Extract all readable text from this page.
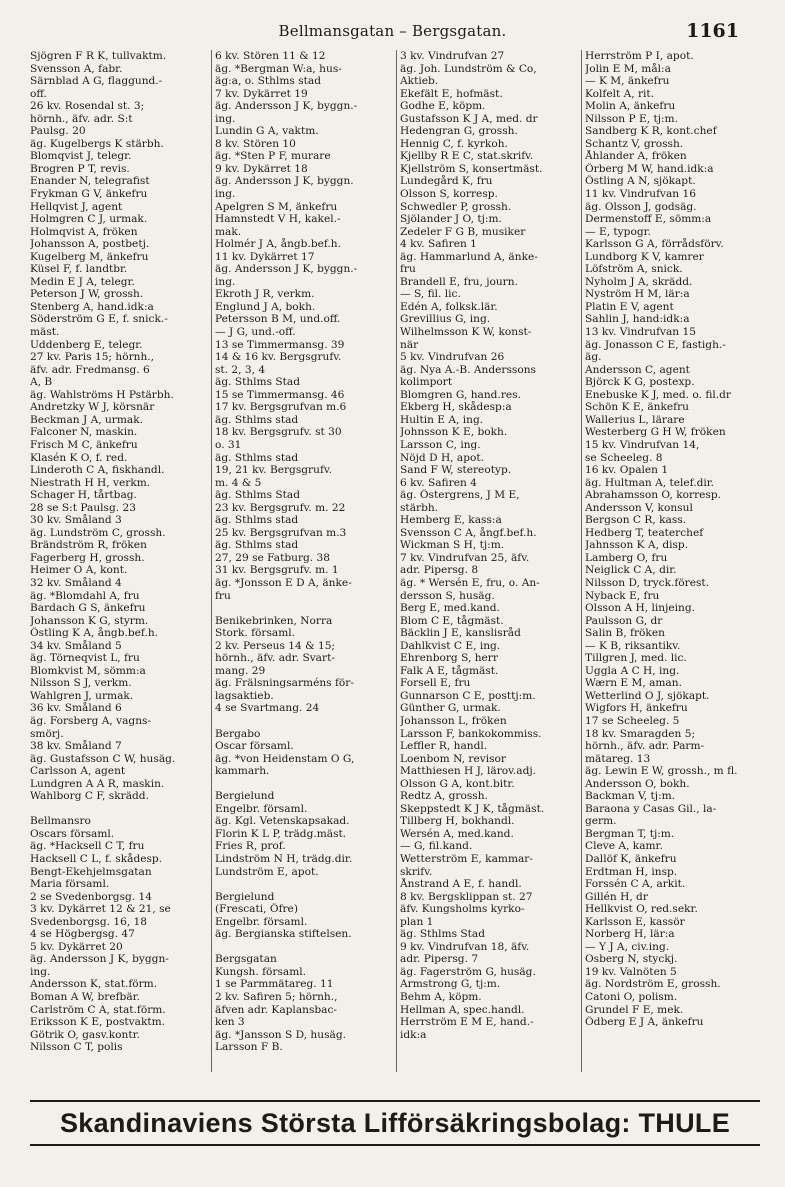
Bellmansgatan – Bergsgatan.	1161
Sjögren F R K, tullvaktm.
Svensson A, fabr.
Särnblad A G, flaggund.-
off.
26 kv. Rosendal st. 3;
hörnh., äfv. adr. S:t
Paulsg. 20
äg. Kugelbergs K stärbh.
Blomqvist J, telegr.
Brogren P T, revis.
Enander N, telegrafist
Frykman G V, änkefru
Hellqvist J, agent
Holmgren C J, urmak.
Holmqvist A, fröken
Johansson A, postbetj.
Kugelberg M, änkefru
Küsel F, f. landtbr.
Medin E J A, telegr.
Peterson J W, grossh.
Stenberg A, hand.idk:a
Söderström G E, f. snick.-
mäst.
Uddenberg E, telegr.
27 kv. Paris 15; hörnh.,
äfv. adr. Fredmansg. 6
A, B
äg. Wahlströms H Pstärbh.
Andretzky W J, körsnär
Beckman J A, urmak.
Falconer N, maskin.
Frisch M C, änkefru
Klasén K O, f. red.
Linderoth C A, fiskhandl.
Niestrath H H, verkm.
Schager H, tårtbag.
28 se S:t Paulsg. 23
30 kv. Småland 3
äg. Lundström C, grossh.
Brändström R, fröken
Fagerberg H, grossh.
Heimer O A, kont.
32 kv. Småland 4
äg. *Blomdahl A, fru
Bardach G S, änkefru
Johansson K G, styrm.
Östling K A, ångb.bef.h.
34 kv. Småland 5
äg. Törneqvist L, fru
Blomkvist M, sömm:a
Nilsson S J, verkm.
Wahlgren J, urmak.
36 kv. Småland 6
äg. Forsberg A, vagns-
smörj.
38 kv. Småland 7
äg. Gustafsson C W, husäg.
Carlsson A, agent
Lundgren A A R, maskin.
Wahlborg C F, skrädd.

Bellmansro
Oscars församl.
äg. *Hacksell C T, fru
Hacksell C L, f. skådesp.
Bengt-Ekehjelmsgatan
Maria församl.
2 se Svedenborgsg. 14
3 kv. Dykärret 12 & 21, se
Svedenborgsg. 16, 18
4 se Högbergsg. 47
5 kv. Dykärret 20
äg. Andersson J K, byggn-
ing.
Andersson K, stat.förm.
Boman A W, brefbär.
Carlström C A, stat.förm.
Eriksson K E, postvaktm.
Götrik O, gasv.kontr.
Nilsson C T, polis
6 kv. Stören 11 & 12
äg. *Bergman W:a, hus-
äg:a, o. Sthlms stad
7 kv. Dykärret 19
äg. Andersson J K, byggn.-
ing.
Lundin G A, vaktm.
8 kv. Stören 10
äg. *Sten P F, murare
9 kv. Dykärret 18
äg. Andersson J K, byggn.
ing.
Apelgren S M, änkefru
Hamnstedt V H, kakel.-
mak.
Holmér J A, ångb.bef.h.
11 kv. Dykärret 17
äg. Andersson J K, byggn.-
ing.
Ekroth J R, verkm.
Englund J A, bokh.
Petersson B M, und.off.
— J G, und.-off.
13 se Timmermansg. 39
14 & 16 kv. Bergsgrufv.
st. 2, 3, 4
äg. Sthlms Stad
15 se Timmermansg. 46
17 kv. Bergsgrufvan m.6
äg. Sthlms stad
18 kv. Bergsgrufv. st 30
o. 31
äg. Sthlms stad
19, 21 kv. Bergsgrufv.
m. 4 & 5
äg. Sthlms Stad
23 kv. Bergsgrufv. m. 22
äg. Sthlms stad
25 kv. Bergsgrufvan m.3
äg. Sthlms stad
27, 29 se Fatburg. 38
31 kv. Bergsgrufv. m. 1
äg. *Jonsson E D A, änke-
fru

Benikebrinken, Norra
Stork. församl.
2 kv. Perseus 14 & 15;
hörnh., äfv. adr. Svart-
mang. 29
äg. Frälsningsarméns för-
lagsaktieb.
4 se Svartmang. 24

Bergabo
Oscar församl.
äg. *von Heidenstam O G,
kammarh.

Bergielund
Engelbr. församl.
äg. Kgl. Vetenskapsakad.
Florin K L P, trädg.mäst.
Fries R, prof.
Lindström N H, trädg.dir.
Lundström E, apot.

Bergielund
(Frescati, Öfre)
Engelbr. församl.
äg. Bergianska stiftelsen.

Bergsgatan
Kungsh. församl.
1 se Parmmätareg. 11
2 kv. Safiren 5; hörnh.,
äfven adr. Kaplansbac-
ken 3
äg. *Jansson S D, husäg.
Larsson F B.
3 kv. Vindrufvan 27
äg. Joh. Lundström & Co,
Aktieb.
Ekefält E, hofmäst.
Godhe E, köpm.
Gustafsson K J A, med. dr
Hedengran G, grossh.
Hennig C, f. kyrkoh.
Kjellby R E C, stat.skrifv.
Kjellström S, konsertmäst.
Lundegård K, fru
Olsson S, korresp.
Schwedler P, grossh.
Sjölander J O, tj:m.
Zedeler F G B, musiker
4 kv. Safiren 1
äg. Hammarlund A, änke-
fru
Brandell E, fru, journ.
— S, fil. lic.
Edén A, folksk.lär.
Grevillius G, ing.
Wilhelmsson K W, konst-
när
5 kv. Vindrufvan 26
äg. Nya A.-B. Anderssons
kolimport
Blomgren G, hand.res.
Ekberg H, skådesp:a
Hultin E A, ing.
Johnsson K E, bokh.
Larsson C, ing.
Nöjd D H, apot.
Sand F W, stereotyp.
6 kv. Safiren 4
äg. Östergrens, J M E,
stärbh.
Hemberg E, kass:a
Svensson C A, ångf.bef.h.
Wickman S H, tj:m.
7 kv. Vindrufvan 25, äfv.
adr. Pipersg. 8
äg. * Wersén E, fru, o. An-
dersson S, husäg.
Berg E, med.kand.
Blom C E, tågmäst.
Bäcklin J E, kanslisråd
Dahlkvist C E, ing.
Ehrenborg S, herr
Falk A E, tågmäst.
Forsell E, fru
Gunnarson C E, posttj:m.
Günther G, urmak.
Johansson L, fröken
Larsson F, bankokommiss.
Leffler R, handl.
Loenbom N, revisor
Matthiesen H J, lärov.adj.
Olsson G A, kont.bitr.
Redtz A, grossh.
Skeppstedt K J K, tågmäst.
Tillberg H, bokhandl.
Wersén A, med.kand.
— G, fil.kand.
Wetterström E, kammar-
skrifv.
Ånstrand A E, f. handl.
8 kv. Bergsklippan st. 27
äfv. Kungsholms kyrko-
plan 1
äg. Sthlms Stad
9 kv. Vindrufvan 18, äfv.
adr. Pipersg. 7
äg. Fagerström G, husäg.
Armstrong G, tj:m.
Behm A, köpm.
Hellman A, spec.handl.
Herrström E M E, hand.-
idk:a
Herrström P I, apot.
Jolin E M, mål:a
— K M, änkefru
Kolfelt A, rit.
Molin A, änkefru
Nilsson P E, tj:m.
Sandberg K R, kont.chef
Schantz V, grossh.
Åhlander A, fröken
Örberg M W, hand.idk:a
Östling A N, sjökapt.
11 kv. Vindrufvan 16
äg. Olsson J, godsäg.
Dermenstoff E, sömm:a
— E, typogr.
Karlsson G A, förrådsförv.
Lundborg K V, kamrer
Löfström A, snick.
Nyholm J A, skrädd.
Nyström H M, lär:a
Platin E V, agent
Sahlin J, hand:idk:a
13 kv. Vindrufvan 15
äg. Jonasson C E, fastigh.-
äg.
Andersson C, agent
Björck K G, postexp.
Enebuske K J, med. o. fil.dr
Schön K E, änkefru
Wallerius L, lärare
Westerberg G H W, fröken
15 kv. Vindrufvan 14,
se Scheeleg. 8
16 kv. Opalen 1
äg. Hultman A, telef.dir.
Abrahamsson O, korresp.
Andersson V, konsul
Bergson C R, kass.
Hedberg T, teaterchef
Jahnsson K A, disp.
Lamberg O, fru
Neiglick C A, dir.
Nilsson D, tryck.förest.
Nyback E, fru
Olsson A H, linjeing.
Paulsson G, dr
Salin B, fröken
— K B, riksantikv.
Tillgren J, med. lic.
Uggla A C H, ing.
Wærn E M, aman.
Wetterlind O J, sjökapt.
Wigfors H, änkefru
17 se Scheeleg. 5
18 kv. Smaragden 5;
hörnh., äfv. adr. Parm-
mätareg. 13
äg. Lewin E W, grossh., m fl.
Andersson O, bokh.
Backman V, tj:m.
Baraona y Casas Gil., la-
germ.
Bergman T, tj:m.
Cleve A, kamr.
Dallöf K, änkefru
Erdtman H, insp.
Forssén C A, arkit.
Gillén H, dr
Hellkvist O, red.sekr.
Karlsson E, kassör
Norberg H, lär:a
— Y J A, civ.ing.
Osberg N, styckj.
19 kv. Valnöten 5
äg. Nordström E, grossh.
Catoni O, polism.
Grundel F E, mek.
Ödberg E J A, änkefru
Skandinaviens Största Lifförsäkringsbolag: THULE
